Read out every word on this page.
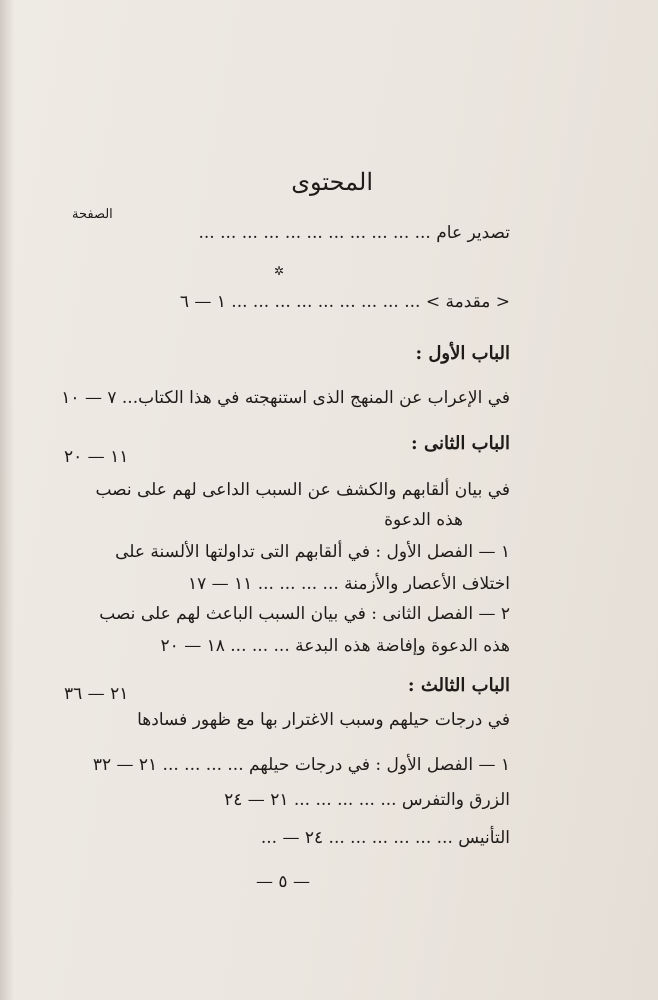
المحتوى
الصفحة
تصدير عام ... ... ... ... ... ... ... ... ... ... ...
✲
< مقدمة > ... ... ... ... ... ... ... ... ... ١ — ٦
الباب الأول :
في الإعراب عن المنهج الذى استنهجته في هذا الكتاب... ٧ — ١٠
الباب الثانى :
١١ — ٢٠
في بيان ألقابهم والكشف عن السبب الداعى لهم على نصب
هذه الدعوة
١ — الفصل الأول : في ألقابهم التى تداولتها الألسنة على
اختلاف الأعصار والأزمنة ... ... ... ... ١١ — ١٧
٢ — الفصل الثانى : في بيان السبب الباعث لهم على نصب
هذه الدعوة وإفاضة هذه البدعة ... ... ... ١٨ — ٢٠
الباب الثالث :
٢١ — ٣٦
في درجات حيلهم وسبب الاغترار بها مع ظهور فسادها
١ — الفصل الأول : في درجات حيلهم ... ... ... ... ٢١ — ٣٢
الزرق والتفرس ... ... ... ... ... ٢١ — ٢٤
التأنيس ... ... ... ... ... ... ٢٤ — ...
— ٥ —
